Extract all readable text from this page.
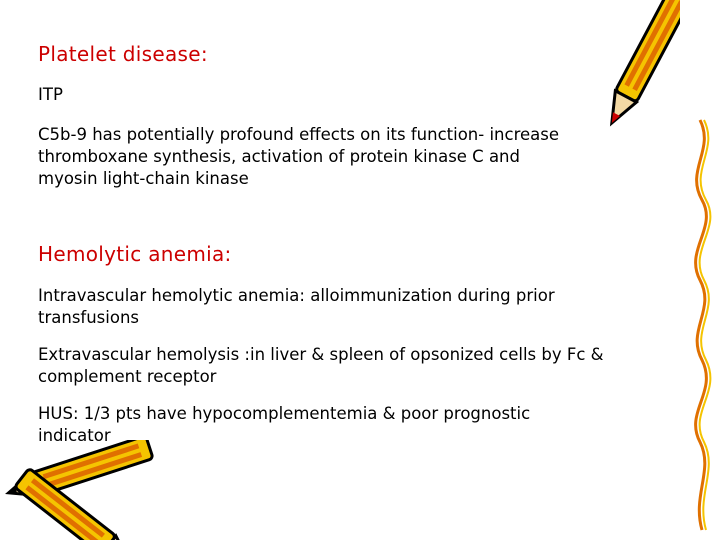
Platelet disease:

ITP

C5b-9 has potentially profound effects on its function- increase thromboxane synthesis, activation of protein kinase C and myosin light-chain kinase

Hemolytic anemia:

Intravascular hemolytic anemia: alloimmunization during prior transfusions

Extravascular hemolysis :in liver & spleen of opsonized cells by Fc & complement receptor

HUS: 1/3 pts have hypocomplementemia & poor prognostic indicator
